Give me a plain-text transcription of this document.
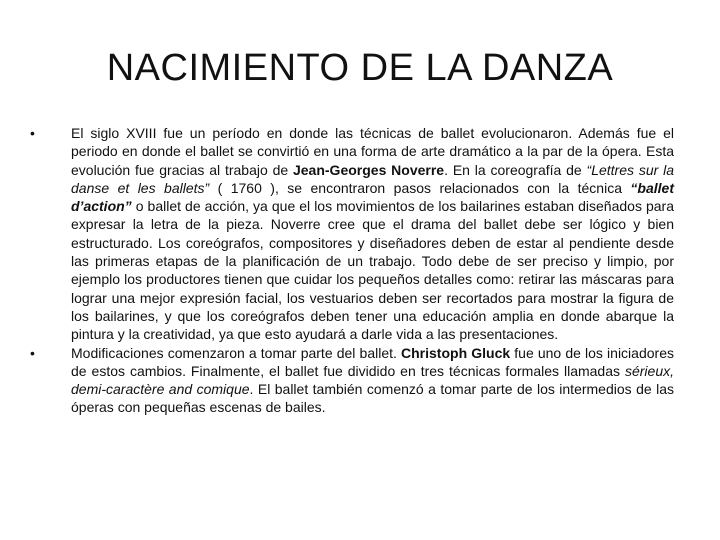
NACIMIENTO DE LA DANZA
•	El siglo XVIII fue un período en donde las técnicas de ballet evolucionaron. Además fue el periodo en donde el ballet se convirtió en una forma de arte dramático a la par de la ópera. Esta evolución fue gracias al trabajo de Jean-Georges Noverre. En la coreografía de “Lettres sur la danse et les ballets” ( 1760 ), se encontraron pasos relacionados con la técnica “ballet d’action” o ballet de acción, ya que el los movimientos de los bailarines estaban diseñados para expresar la letra de la pieza. Noverre cree que el drama del ballet debe ser lógico y bien estructurado. Los coreógrafos, compositores y diseñadores deben de estar al pendiente desde las primeras etapas de la planificación de un trabajo. Todo debe de ser preciso y limpio, por ejemplo los productores tienen que cuidar los pequeños detalles como: retirar las máscaras para lograr una mejor expresión facial, los vestuarios deben ser recortados para mostrar la figura de los bailarines, y que los coreógrafos deben tener una educación amplia en donde abarque la pintura y la creatividad, ya que esto ayudará a darle vida a las presentaciones.
•	Modificaciones comenzaron a tomar parte del ballet. Christoph Gluck fue uno de los iniciadores de estos cambios. Finalmente, el ballet fue dividido en tres técnicas formales llamadas sérieux, demi-caractère and comique. El ballet también comenzó a tomar parte de los intermedios de las óperas con pequeñas escenas de bailes.
